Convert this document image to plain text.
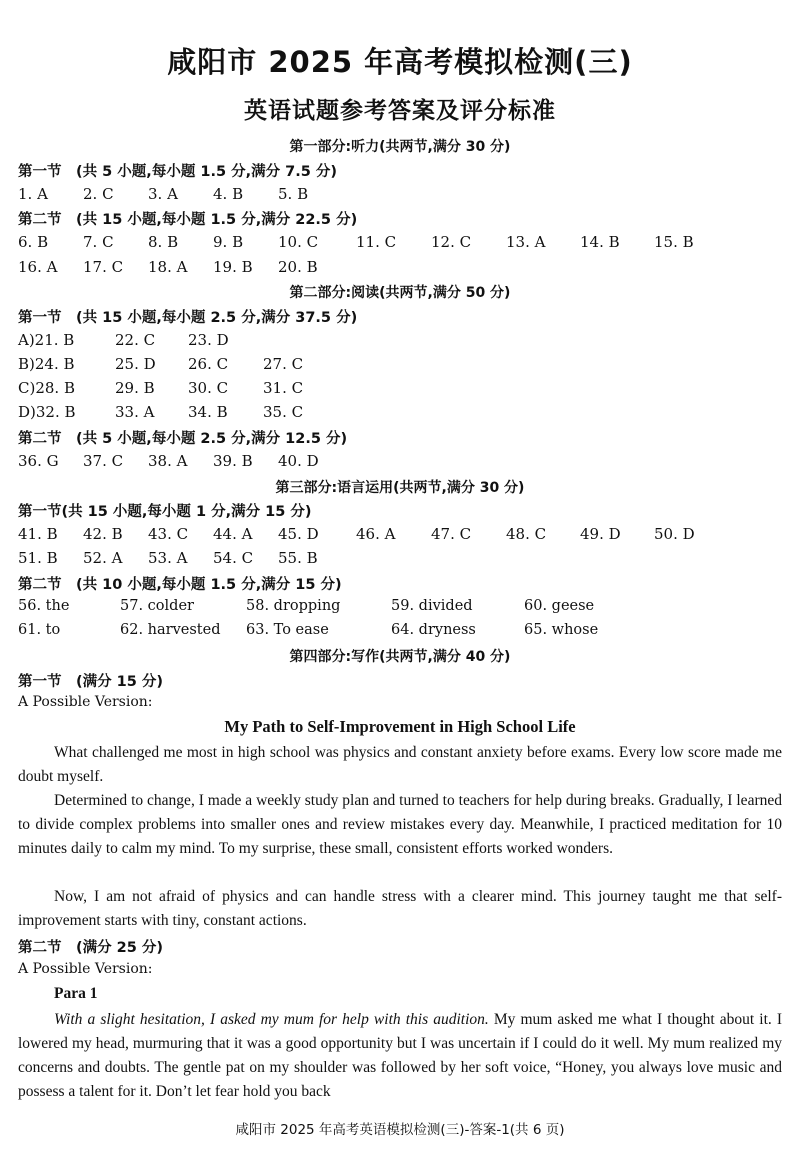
咸阳市 2025 年高考模拟检测(三)
英语试题参考答案及评分标准
第一部分:听力(共两节,满分 30 分)
第一节　(共 5 小题,每小题 1.5 分,满分 7.5 分)
1. A 2. C 3. A 4. B 5. B
第二节　(共 15 小题,每小题 1.5 分,满分 22.5 分)
6. B 7. C 8. B 9. B 10. C	11. C 12. C 13. A 14. B 15. B
16. A 17. C 18. A 19. B 20. B
第二部分:阅读(共两节,满分 50 分)
第一节　(共 15 小题,每小题 2.5 分,满分 37.5 分)
A)21. B	22. C 23. D
B)24. B	25. D 26. C 27. C
C)28. B	29. B 30. C 31. C
D)32. B	33. A 34. B 35. C
第二节　(共 5 小题,每小题 2.5 分,满分 12.5 分)
36. G 37. C 38. A 39. B 40. D
第三部分:语言运用(共两节,满分 30 分)
第一节(共 15 小题,每小题 1 分,满分 15 分)
41. B 42. B 43. C 44. A 45. D 46. A 47. C 48. C 49. D 50. D
51. B 52. A 53. A 54. C 55. B
第二节　(共 10 小题,每小题 1.5 分,满分 15 分)
56. the	57. colder	58. dropping	59. divided	60. geese
61. to	62. harvested 63. To ease	64. dryness	65. whose
第四部分:写作(共两节,满分 40 分)
第一节　(满分 15 分)
A Possible Version:
My Path to Self-Improvement in High School Life
What challenged me most in high school was physics and constant anxiety before exams. Every low score made me doubt myself.
Determined to change, I made a weekly study plan and turned to teachers for help during breaks. Gradually, I learned to divide complex problems into smaller ones and review mistakes every day. Meanwhile, I practiced meditation for 10 minutes daily to calm my mind. To my surprise, these small, consistent efforts worked wonders.
Now, I am not afraid of physics and can handle stress with a clearer mind. This journey taught me that self-improvement starts with tiny, constant actions.
第二节　(满分 25 分)
A Possible Version:
Para 1
With a slight hesitation, I asked my mum for help with this audition. My mum asked me what I thought about it. I lowered my head, murmuring that it was a good opportunity but I was uncertain if I could do it well. My mum realized my concerns and doubts. The gentle pat on my shoulder was followed by her soft voice, “Honey, you always love music and possess a talent for it. Don’t let fear hold you back
咸阳市 2025 年高考英语模拟检测(三)-答案-1(共 6 页)
